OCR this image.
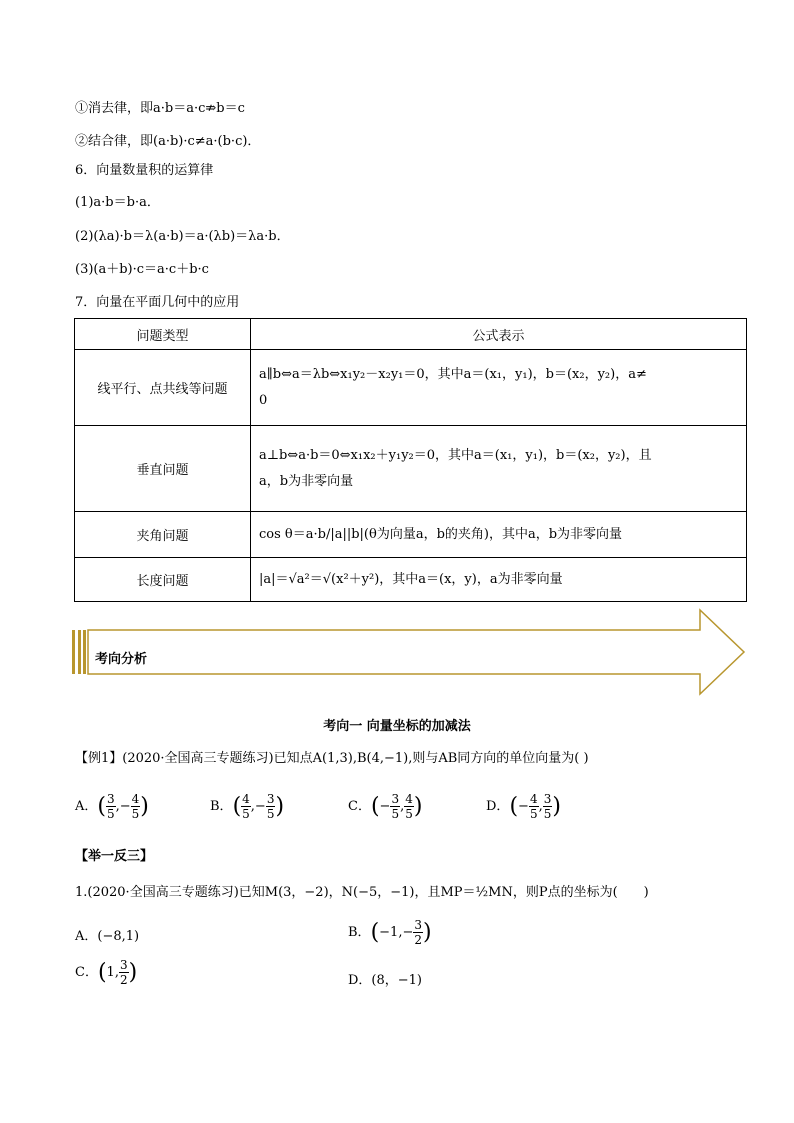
①消去律，即a·b＝a·c⇏b＝c
②结合律，即(a·b)·c≠a·(b·c)．
6．向量数量积的运算律
(1)a·b＝b·a．
(2)(λa)·b＝λ(a·b)＝a·(λb)＝λa·b．
(3)(a＋b)·c＝a·c＋b·c
7．向量在平面几何中的应用
问题类型	公式表示
线平行、点共线等问题	a∥b⇔a＝λb⇔x₁y₂－x₂y₁＝0，其中a＝(x₁，y₁)，b＝(x₂，y₂)，a≠
0

垂直问题	a⊥b⇔a·b＝0⇔x₁x₂＋y₁y₂＝0，其中a＝(x₁，y₁)，b＝(x₂，y₂)，且
a，b为非零向量

夹角问题	cos θ＝a·b/|a||b|(θ为向量a，b的夹角)，其中a，b为非零向量

长度问题	|a|＝√a²＝√(x²＋y²)，其中a＝(x，y)，a为非零向量
考向分析
考向一 向量坐标的加减法
【例1】(2020·全国高三专题练习)已知点A(1,3),B(4,−1),则与AB同方向的单位向量为( )
A．( $\frac{3}{5}$ ,− $\frac{4}{5}$ )	B．( $\frac{4}{5}$ ,− $\frac{3}{5}$ )	C．(− $\frac{3}{5}$ , $\frac{4}{5}$ )	D．(− $\frac{4}{5}$ , $\frac{3}{5}$ )
【举一反三】
1.(2020·全国高三专题练习)已知M(3，−2)，N(−5，−1)，且MP＝½MN，则P点的坐标为(　　)
A．(−8,1)	B．($-1,- \frac{3}{2}$ )
C．(1, $\frac{3}{2}$ )	D．(8，−1)
